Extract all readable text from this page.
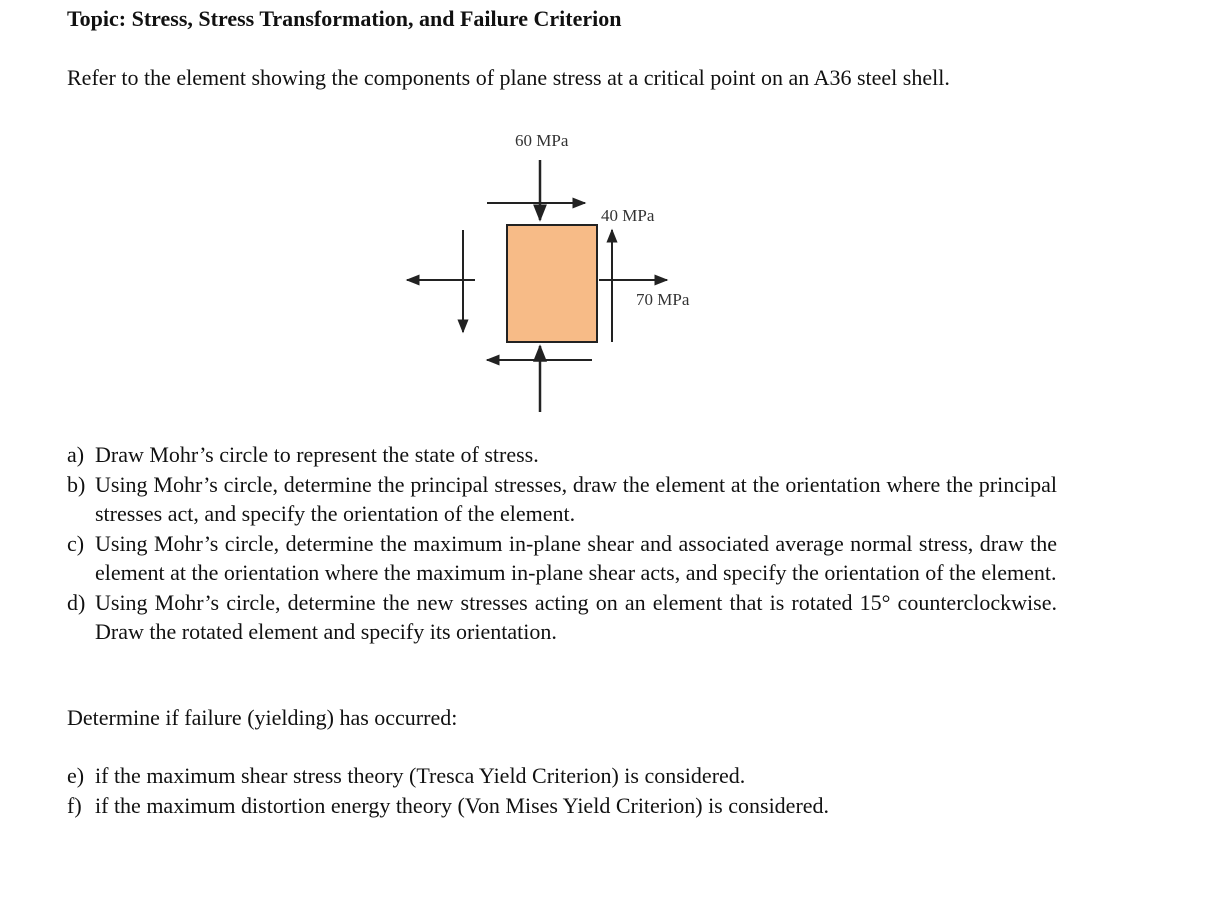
Topic: Stress, Stress Transformation, and Failure Criterion
Refer to the element showing the components of plane stress at a critical point on an A36 steel shell.
60 MPa
40 MPa
70 MPa
a) Draw Mohr’s circle to represent the state of stress.
b) Using Mohr’s circle, determine the principal stresses, draw the element at the orientation where the principal stresses act, and specify the orientation of the element.
c) Using Mohr’s circle, determine the maximum in-plane shear and associated average normal stress, draw the element at the orientation where the maximum in-plane shear acts, and specify the orientation of the element.
d) Using Mohr’s circle, determine the new stresses acting on an element that is rotated 15° counterclockwise. Draw the rotated element and specify its orientation.
Determine if failure (yielding) has occurred:
e) if the maximum shear stress theory (Tresca Yield Criterion) is considered.
f) if the maximum distortion energy theory (Von Mises Yield Criterion) is considered.
